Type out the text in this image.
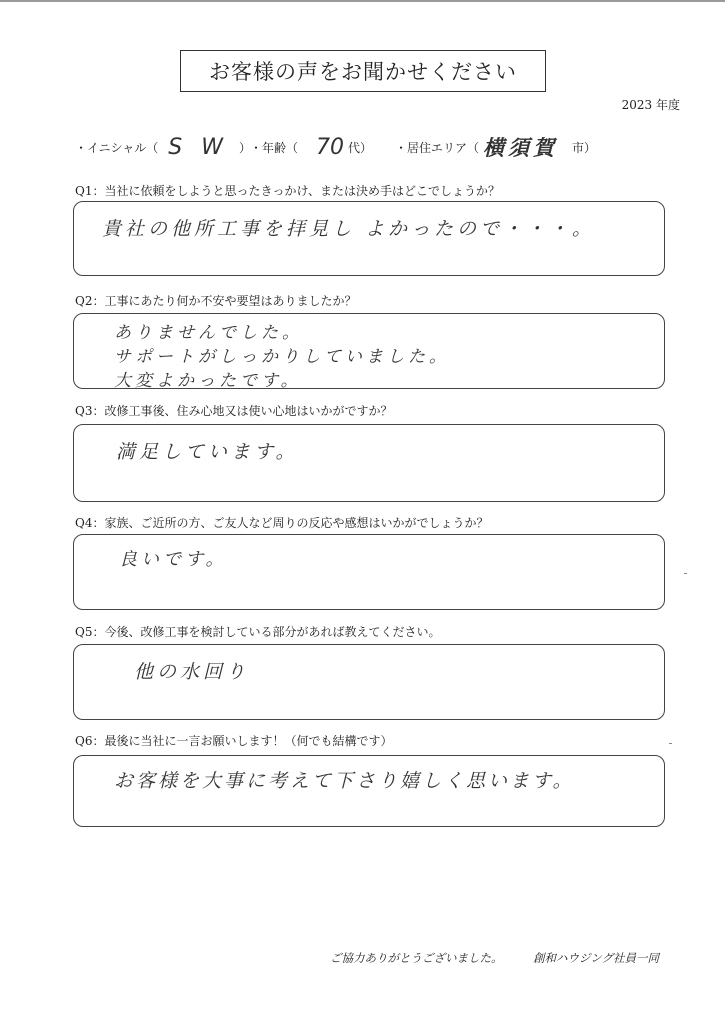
お客様の声をお聞かせください
2023 年度
・イニシャル（ S W ）
・年齢（ 70 代） ・居住エリア（ 横須賀 市）
Q1：当社に依頼をしようと思ったきっかけ、または決め手はどこでしょうか？
貴社の他所工事を拝見し よかったので・・・。
Q2：工事にあたり何か不安や要望はありましたか？
ありませんでした。
サポートがしっかりしていました。
大変よかったです。
Q3：改修工事後、住み心地又は使い心地はいかがですか？
満足しています。
Q4：家族、ご近所の方、ご友人など周りの反応や感想はいかがでしょうか？
良いです。
Q5：今後、改修工事を検討している部分があれば教えてください。
他の水回り
Q6：最後に当社に一言お願いします！（何でも結構です）
お客様を大事に考えて下さり嬉しく思います。
ご協力ありがとうございました。	創和ハウジング社員一同
